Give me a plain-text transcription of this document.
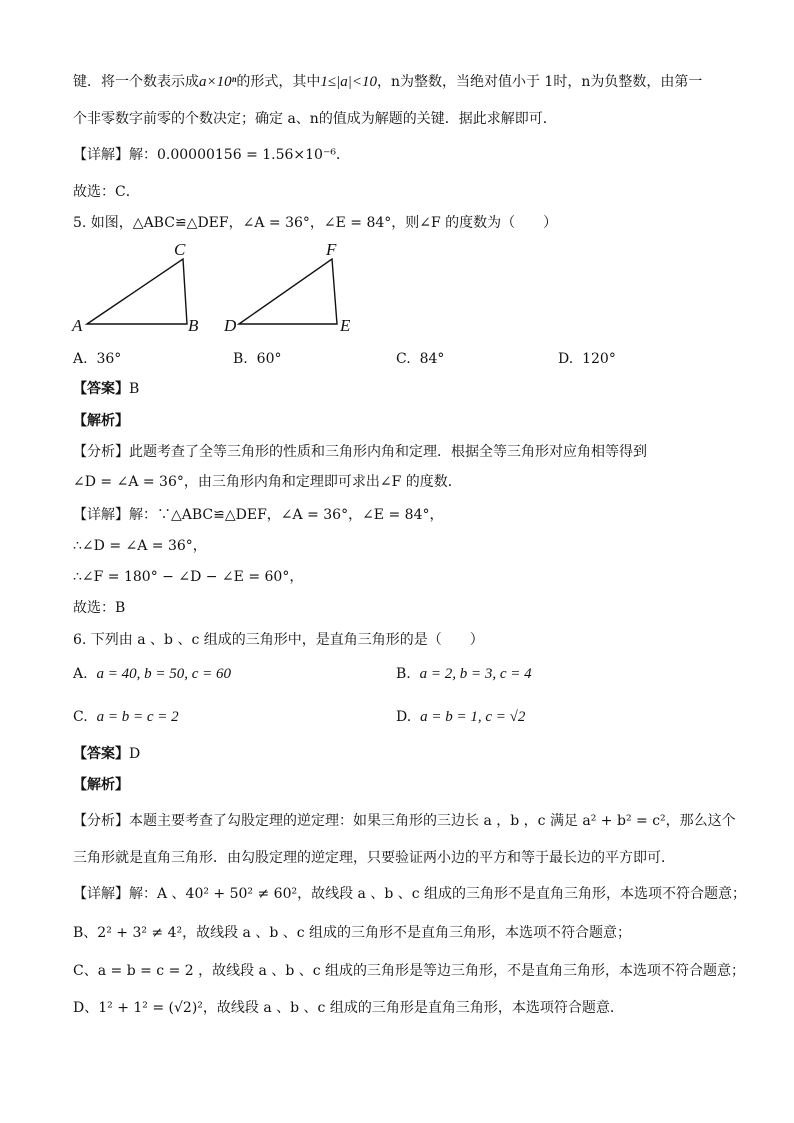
键．将一个数表示成a×10ⁿ的形式，其中1≤|a|<10，n为整数，当绝对值小于 1时，n为负整数，由第一
个非零数字前零的个数决定；确定 a、n的值成为解题的关键．据此求解即可．
【详解】解：0.00000156 = 1.56×10⁻⁶．
故选：C．
5. 如图，△ABC≌△DEF，∠A = 36°，∠E = 84°，则∠F 的度数为（　　）
A	B
C
D	E
F
A. 36°	B. 60°	C. 84°	D. 120°
【答案】B
【解析】
【分析】此题考查了全等三角形的性质和三角形内角和定理．根据全等三角形对应角相等得到
∠D = ∠A = 36°，由三角形内角和定理即可求出∠F 的度数．
【详解】解：∵△ABC≌△DEF，∠A = 36°，∠E = 84°，
∴∠D = ∠A = 36°，
∴∠F = 180° − ∠D − ∠E = 60°，
故选：B
6. 下列由 a 、b 、c 组成的三角形中，是直角三角形的是（　　）
A. a = 40, b = 50, c = 60	B. a = 2, b = 3, c = 4
C. a = b = c = 2	D. a = b = 1, c = √2
【答案】D
【解析】
【分析】本题主要考查了勾股定理的逆定理：如果三角形的三边长 a ，b ，c 满足 a² + b² = c²，那么这个
三角形就是直角三角形．由勾股定理的逆定理，只要验证两小边的平方和等于最长边的平方即可．
【详解】解：A 、40² + 50² ≠ 60²，故线段 a 、b 、c 组成的三角形不是直角三角形，本选项不符合题意；
B、2² + 3² ≠ 4²，故线段 a 、b 、c 组成的三角形不是直角三角形，本选项不符合题意；
C、a = b = c = 2 ，故线段 a 、b 、c 组成的三角形是等边三角形，不是直角三角形，本选项不符合题意；
D、1² + 1² = (√2)²，故线段 a 、b 、c 组成的三角形是直角三角形，本选项符合题意．
